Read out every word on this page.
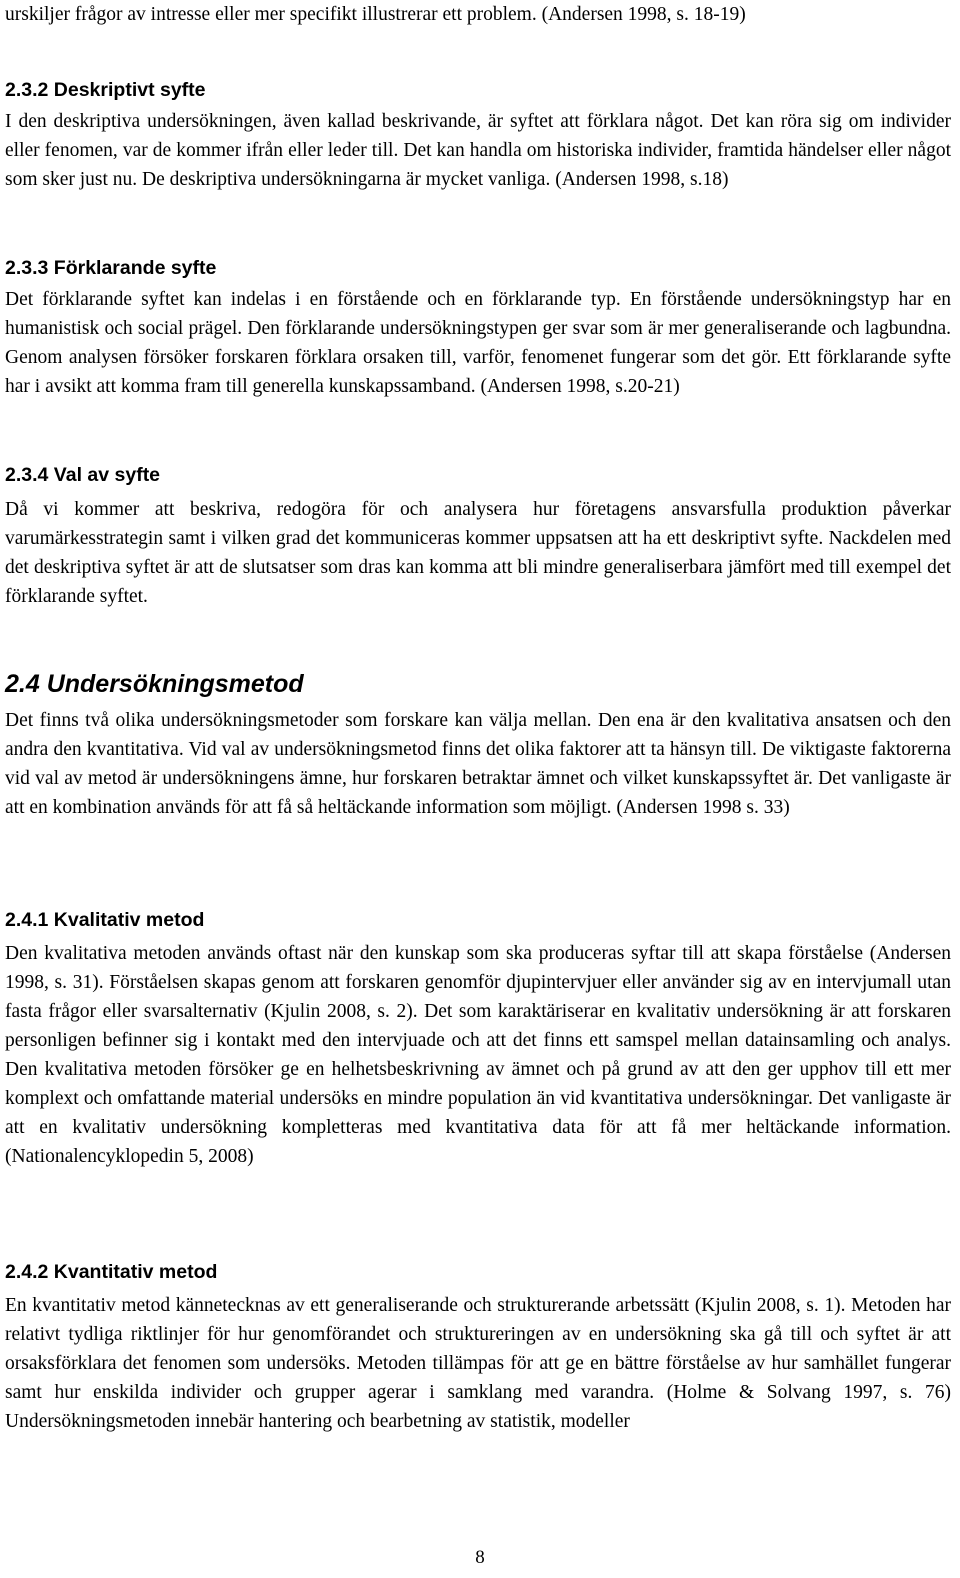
urskiljer frågor av intresse eller mer specifikt illustrerar ett problem. (Andersen 1998, s. 18-19)

2.3.2 Deskriptivt syfte

I den deskriptiva undersökningen, även kallad beskrivande, är syftet att förklara något. Det kan röra sig om individer eller fenomen, var de kommer ifrån eller leder till. Det kan handla om historiska individer, framtida händelser eller något som sker just nu. De deskriptiva undersökningarna är mycket vanliga. (Andersen 1998, s.18)

2.3.3 Förklarande syfte

Det förklarande syftet kan indelas i en förstående och en förklarande typ. En förstående undersökningstyp har en humanistisk och social prägel. Den förklarande undersökningstypen ger svar som är mer generaliserande och lagbundna. Genom analysen försöker forskaren förklara orsaken till, varför, fenomenet fungerar som det gör. Ett förklarande syfte har i avsikt att komma fram till generella kunskapssamband. (Andersen 1998, s.20-21)

2.3.4 Val av syfte

Då vi kommer att beskriva, redogöra för och analysera hur företagens ansvarsfulla produktion påverkar varumärkesstrategin samt i vilken grad det kommuniceras kommer uppsatsen att ha ett deskriptivt syfte. Nackdelen med det deskriptiva syftet är att de slutsatser som dras kan komma att bli mindre generaliserbara jämfört med till exempel det förklarande syftet.

2.4 Undersökningsmetod

Det finns två olika undersökningsmetoder som forskare kan välja mellan. Den ena är den kvalitativa ansatsen och den andra den kvantitativa. Vid val av undersökningsmetod finns det olika faktorer att ta hänsyn till. De viktigaste faktorerna vid val av metod är undersökningens ämne, hur forskaren betraktar ämnet och vilket kunskapssyftet är. Det vanligaste är att en kombination används för att få så heltäckande information som möjligt. (Andersen 1998 s. 33)

2.4.1 Kvalitativ metod

Den kvalitativa metoden används oftast när den kunskap som ska produceras syftar till att skapa förståelse (Andersen 1998, s. 31). Förståelsen skapas genom att forskaren genomför djupintervjuer eller använder sig av en intervjumall utan fasta frågor eller svarsalternativ (Kjulin 2008, s. 2). Det som karaktäriserar en kvalitativ undersökning är att forskaren personligen befinner sig i kontakt med den intervjuade och att det finns ett samspel mellan datainsamling och analys. Den kvalitativa metoden försöker ge en helhetsbeskrivning av ämnet och på grund av att den ger upphov till ett mer komplext och omfattande material undersöks en mindre population än vid kvantitativa undersökningar. Det vanligaste är att en kvalitativ undersökning kompletteras med kvantitativa data för att få mer heltäckande information. (Nationalencyklopedin 5, 2008)

2.4.2 Kvantitativ metod

En kvantitativ metod kännetecknas av ett generaliserande och strukturerande arbetssätt (Kjulin 2008, s. 1). Metoden har relativt tydliga riktlinjer för hur genomförandet och struktureringen av en undersökning ska gå till och syftet är att orsaksförklara det fenomen som undersöks. Metoden tillämpas för att ge en bättre förståelse av hur samhället fungerar samt hur enskilda individer och grupper agerar i samklang med varandra. (Holme & Solvang 1997, s. 76) Undersökningsmetoden innebär hantering och bearbetning av statistik, modeller

8
